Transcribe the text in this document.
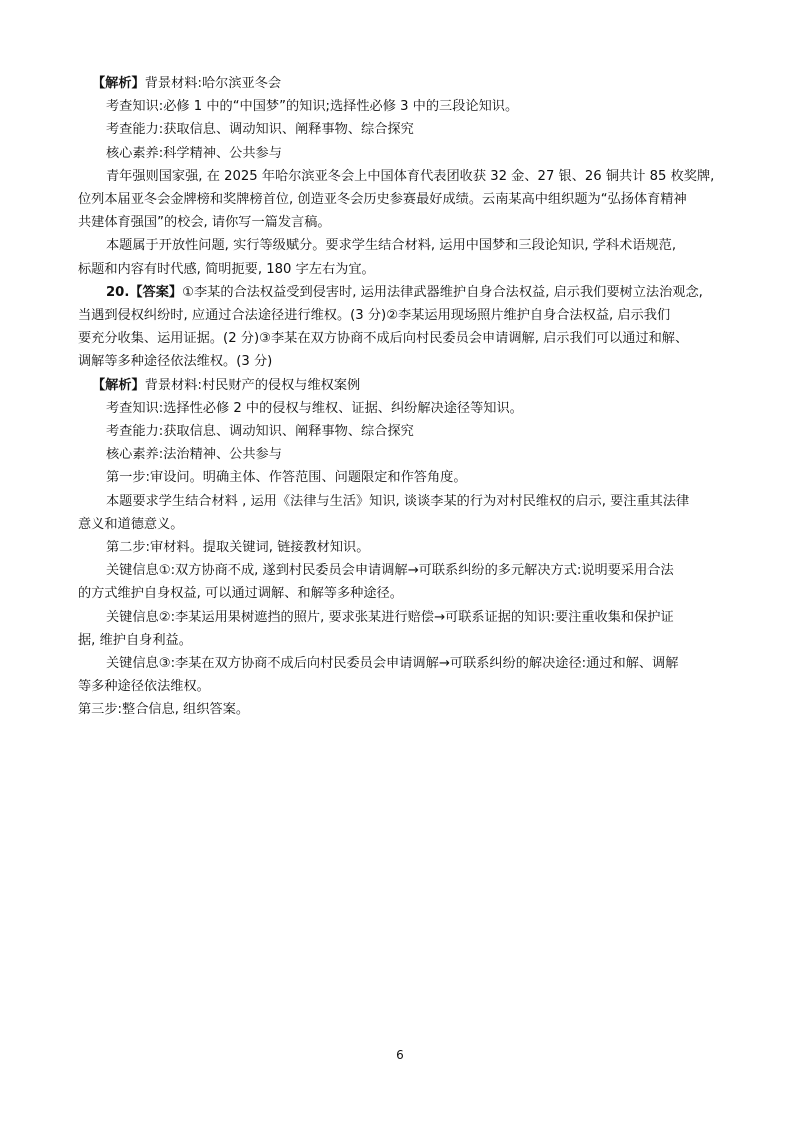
【解析】背景材料:哈尔滨亚冬会
考查知识:必修 1 中的“中国梦”的知识;选择性必修 3 中的三段论知识。
考查能力:获取信息、调动知识、阐释事物、综合探究
核心素养:科学精神、公共参与
青年强则国家强, 在 2025 年哈尔滨亚冬会上中国体育代表团收获 32 金、27 银、26 铜共计 85 枚奖牌,
位列本届亚冬会金牌榜和奖牌榜首位, 创造亚冬会历史参赛最好成绩。云南某高中组织题为“弘扬体育精神
共建体育强国”的校会, 请你写一篇发言稿。
本题属于开放性问题, 实行等级赋分。要求学生结合材料, 运用中国梦和三段论知识, 学科术语规范,
标题和内容有时代感, 简明扼要, 180 字左右为宜。
20.【答案】①李某的合法权益受到侵害时, 运用法律武器维护自身合法权益, 启示我们要树立法治观念,
当遇到侵权纠纷时, 应通过合法途径进行维权。(3 分)②李某运用现场照片维护自身合法权益, 启示我们
要充分收集、运用证据。(2 分)③李某在双方协商不成后向村民委员会申请调解, 启示我们可以通过和解、
调解等多种途径依法维权。(3 分)
【解析】背景材料:村民财产的侵权与维权案例
考查知识:选择性必修 2 中的侵权与维权、证据、纠纷解决途径等知识。
考查能力:获取信息、调动知识、阐释事物、综合探究
核心素养:法治精神、公共参与
第一步:审设问。明确主体、作答范围、问题限定和作答角度。
本题要求学生结合材料 , 运用《法律与生活》知识, 谈谈李某的行为对村民维权的启示, 要注重其法律
意义和道德意义。
第二步:审材料。提取关键词, 链接教材知识。
关键信息①:双方协商不成, 遂到村民委员会申请调解→可联系纠纷的多元解决方式:说明要采用合法
的方式维护自身权益, 可以通过调解、和解等多种途径。
关键信息②:李某运用果树遮挡的照片, 要求张某进行赔偿→可联系证据的知识:要注重收集和保护证
据, 维护自身利益。
关键信息③:李某在双方协商不成后向村民委员会申请调解→可联系纠纷的解决途径:通过和解、调解
等多种途径依法维权。
第三步:整合信息, 组织答案。
6
